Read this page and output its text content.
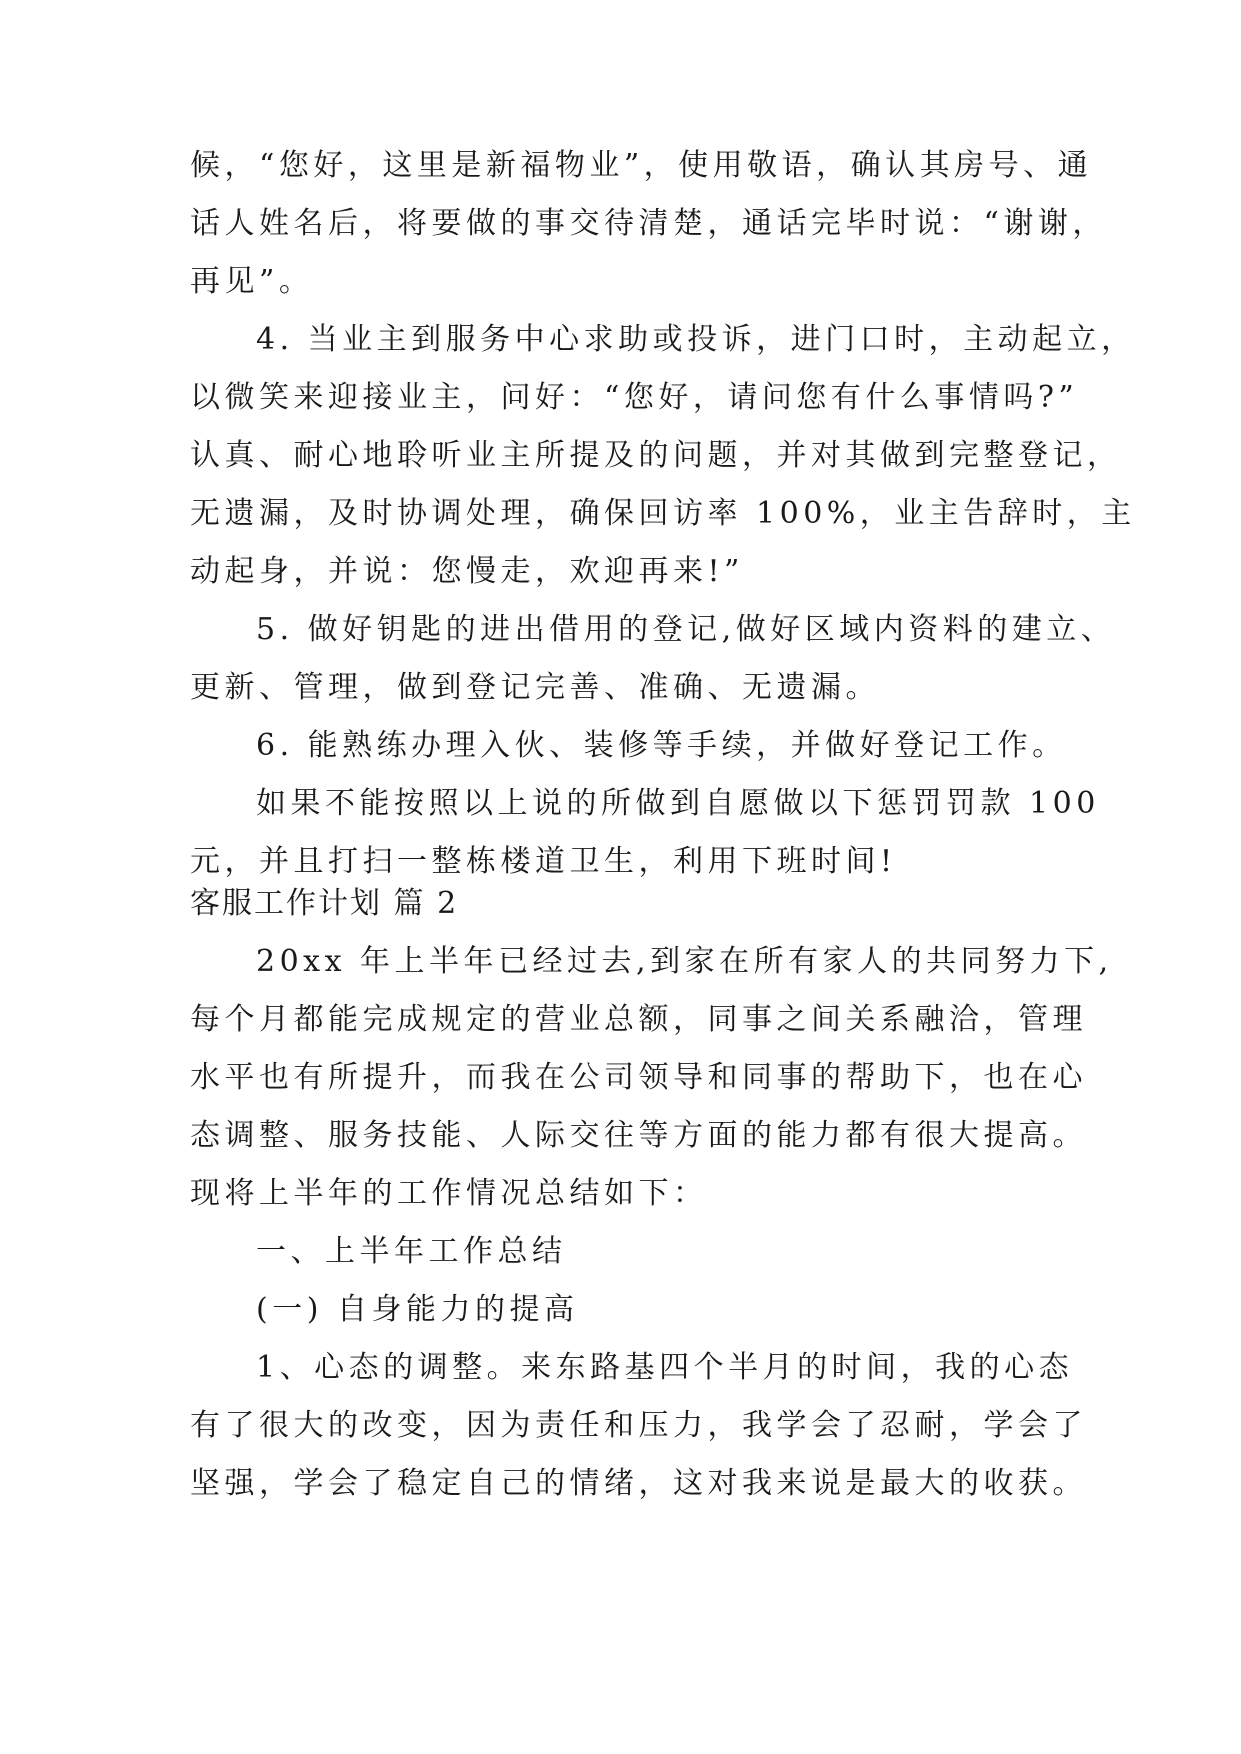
候，“您好，这里是新福物业”，使用敬语，确认其房号、通
话人姓名后，将要做的事交待清楚，通话完毕时说：“谢谢，
再见”。
4. 当业主到服务中心求助或投诉，进门口时，主动起立，
以微笑来迎接业主，问好：“您好，请问您有什么事情吗?”
认真、耐心地聆听业主所提及的问题，并对其做到完整登记，
无遗漏，及时协调处理，确保回访率 100%，业主告辞时，主
动起身，并说：您慢走，欢迎再来!”
5. 做好钥匙的进出借用的登记,做好区域内资料的建立、
更新、管理，做到登记完善、准确、无遗漏。
6. 能熟练办理入伙、装修等手续，并做好登记工作。
如果不能按照以上说的所做到自愿做以下惩罚罚款 100
元，并且打扫一整栋楼道卫生，利用下班时间!
客服工作计划 篇 2
20xx 年上半年已经过去,到家在所有家人的共同努力下,
每个月都能完成规定的营业总额，同事之间关系融洽，管理
水平也有所提升，而我在公司领导和同事的帮助下，也在心
态调整、服务技能、人际交往等方面的能力都有很大提高。
现将上半年的工作情况总结如下：
一、上半年工作总结
(一) 自身能力的提高
1、心态的调整。来东路基四个半月的时间，我的心态
有了很大的改变，因为责任和压力，我学会了忍耐，学会了
坚强，学会了稳定自己的情绪，这对我来说是最大的收获。
